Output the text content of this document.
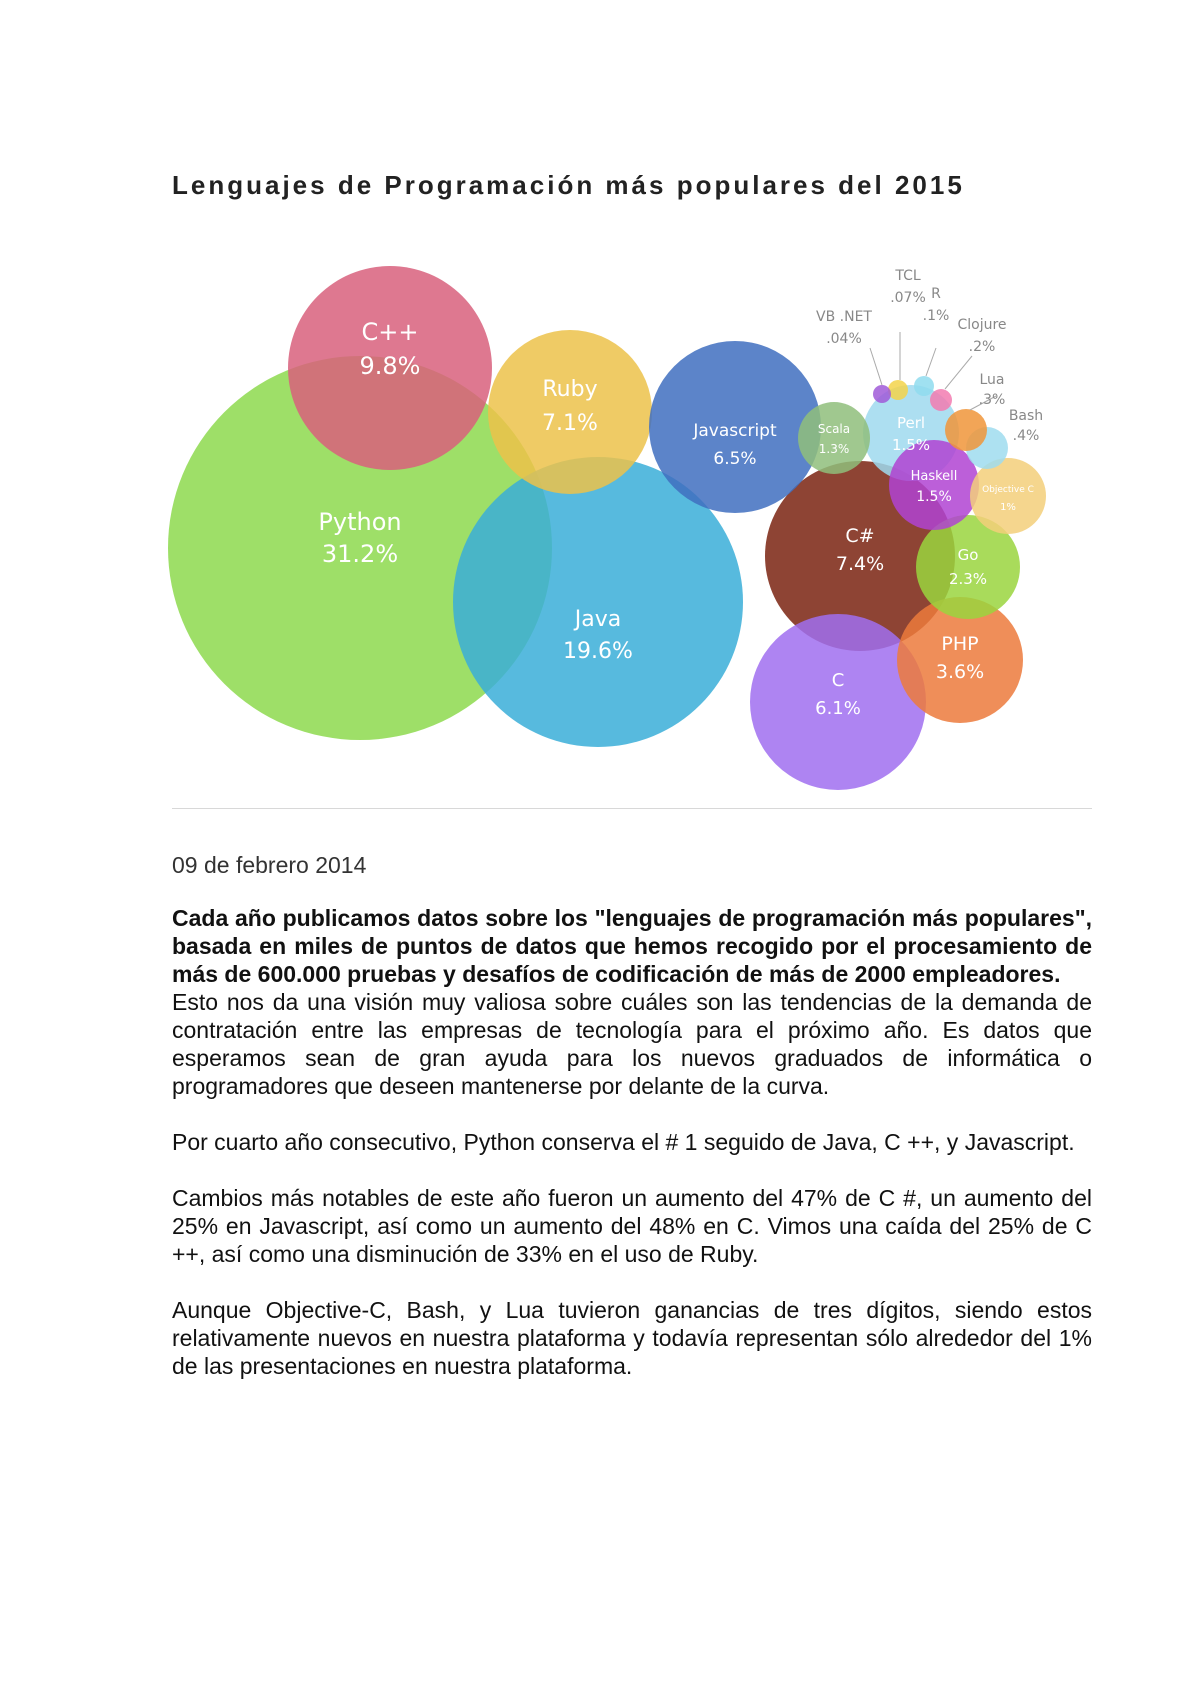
Lenguajes de Programación más populares del 2015
Python
31.2%
Java
19.6%
C++
9.8%
C#
7.4%
Ruby
7.1%	Javascript
6.5%
C
6.1%
PHP
3.6%
Go
2.3%
Perl
1.5%
Haskell
1.5%
Scala
1.3%
Objective C
1%
Bash
.4%
Lua
.3%
Clojure
.2%
R
.1%
TCL
.07%
VB .NET
.04%

09 de febrero 2014

Cada año publicamos datos sobre los "lenguajes de programación más populares", basada en miles de puntos de datos que hemos recogido por el procesamiento de más de 600.000 pruebas y desafíos de codificación de más de 2000 empleadores.
Esto nos da una visión muy valiosa sobre cuáles son las tendencias de la demanda de contratación entre las empresas de tecnología para el próximo año. Es datos que esperamos sean de gran ayuda para los nuevos graduados de informática o programadores que deseen mantenerse por delante de la curva.

Por cuarto año consecutivo, Python conserva el # 1 seguido de Java, C ++, y Javascript.

Cambios más notables de este año fueron un aumento del 47% de C #, un aumento del 25% en Javascript, así como un aumento del 48% en C. Vimos una caída del 25% de C ++, así como una disminución de 33% en el uso de Ruby.

Aunque Objective-C, Bash, y Lua tuvieron ganancias de tres dígitos, siendo estos relativamente nuevos en nuestra plataforma y todavía representan sólo alrededor del 1% de las presentaciones en nuestra plataforma.
